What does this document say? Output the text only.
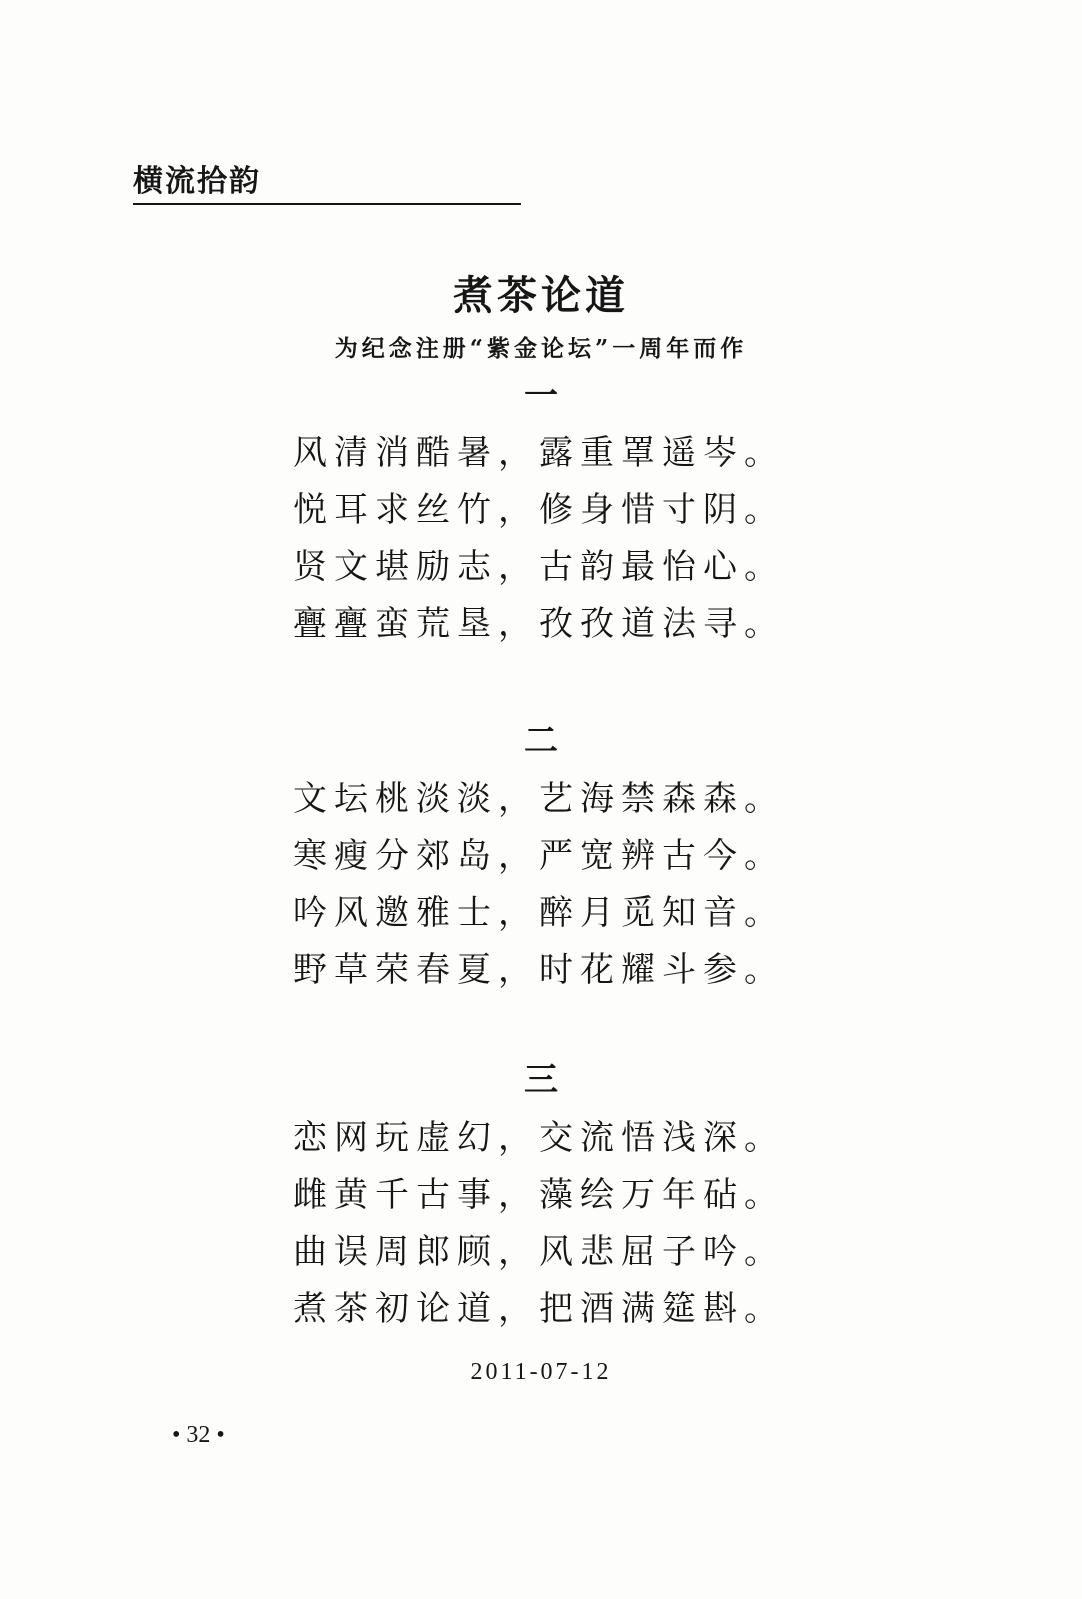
横流拾韵
煮茶论道
为纪念注册“紫金论坛”一周年而作
一
风清消酷暑，露重罩遥岑。
悦耳求丝竹，修身惜寸阴。
贤文堪励志，古韵最怡心。
亹亹蛮荒垦，孜孜道法寻。
二
文坛桃淡淡，艺海禁森森。
寒瘦分郊岛，严宽辨古今。
吟风邀雅士，醉月觅知音。
野草荣春夏，时花耀斗参。
三
恋网玩虚幻，交流悟浅深。
雌黄千古事，藻绘万年砧。
曲误周郎顾，风悲屈子吟。
煮茶初论道，把酒满筵斟。
2011-07-12
• 32 •
